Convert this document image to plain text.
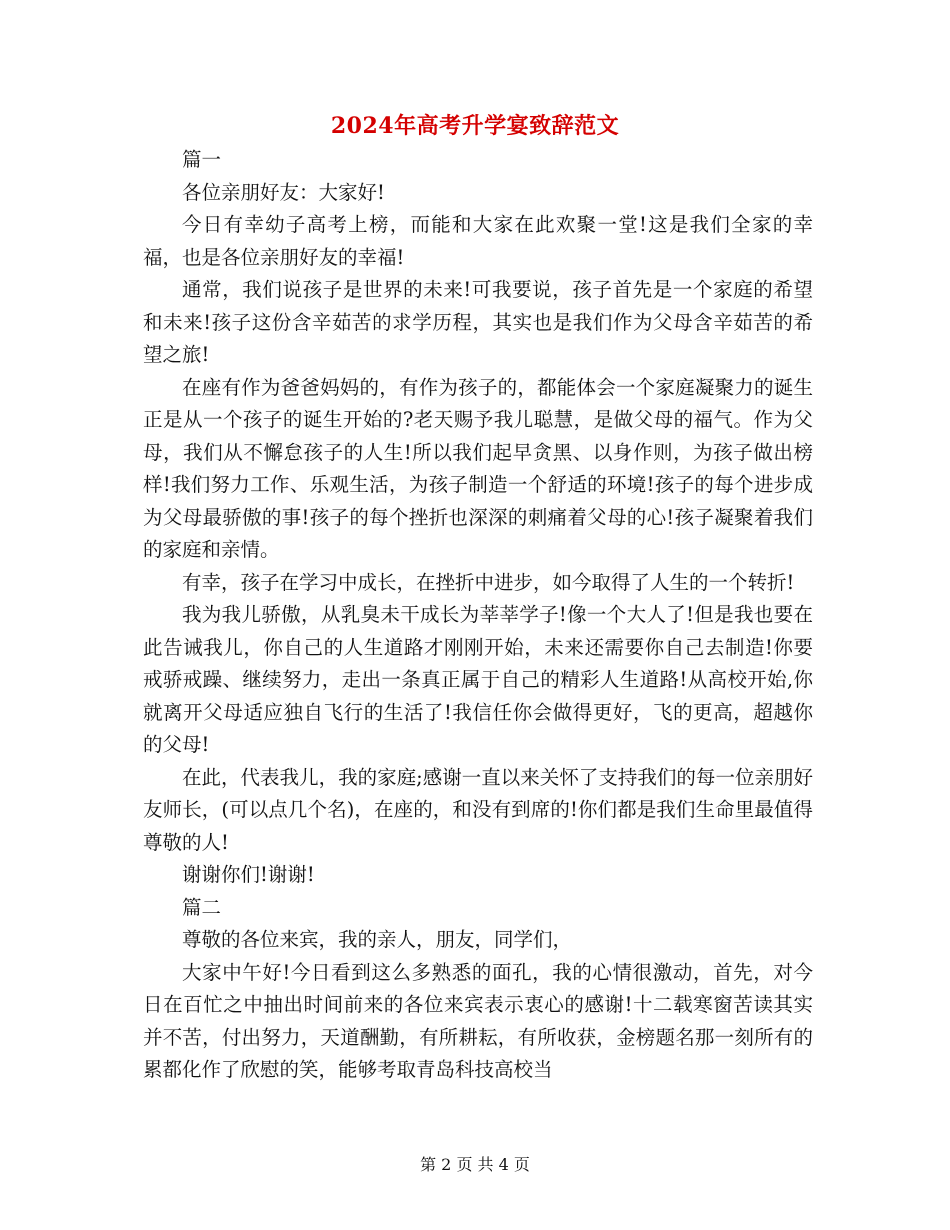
2024年高考升学宴致辞范文

篇一

各位亲朋好友：大家好!

今日有幸幼子高考上榜，而能和大家在此欢聚一堂!这是我们全家的幸福，也是各位亲朋好友的幸福!

通常，我们说孩子是世界的未来!可我要说，孩子首先是一个家庭的希望和未来!孩子这份含辛茹苦的求学历程，其实也是我们作为父母含辛茹苦的希望之旅!

在座有作为爸爸妈妈的，有作为孩子的，都能体会一个家庭凝聚力的诞生正是从一个孩子的诞生开始的?老天赐予我儿聪慧，是做父母的福气。作为父母，我们从不懈怠孩子的人生!所以我们起早贪黑、以身作则，为孩子做出榜样!我们努力工作、乐观生活，为孩子制造一个舒适的环境!孩子的每个进步成为父母最骄傲的事!孩子的每个挫折也深深的刺痛着父母的心!孩子凝聚着我们的家庭和亲情。

有幸，孩子在学习中成长，在挫折中进步，如今取得了人生的一个转折!

我为我儿骄傲，从乳臭未干成长为莘莘学子!像一个大人了!但是我也要在此告诫我儿，你自己的人生道路才刚刚开始，未来还需要你自己去制造!你要戒骄戒躁、继续努力，走出一条真正属于自己的精彩人生道路!从高校开始,你就离开父母适应独自飞行的生活了!我信任你会做得更好，飞的更高，超越你的父母!

在此，代表我儿，我的家庭;感谢一直以来关怀了支持我们的每一位亲朋好友师长，(可以点几个名)，在座的，和没有到席的!你们都是我们生命里最值得尊敬的人!

谢谢你们!谢谢!

篇二

尊敬的各位来宾，我的亲人，朋友，同学们，

大家中午好!今日看到这么多熟悉的面孔，我的心情很激动，首先，对今日在百忙之中抽出时间前来的各位来宾表示衷心的感谢!十二载寒窗苦读其实并不苦，付出努力，天道酬勤，有所耕耘，有所收获，金榜题名那一刻所有的累都化作了欣慰的笑，能够考取青岛科技高校当

第 2 页 共 4 页
